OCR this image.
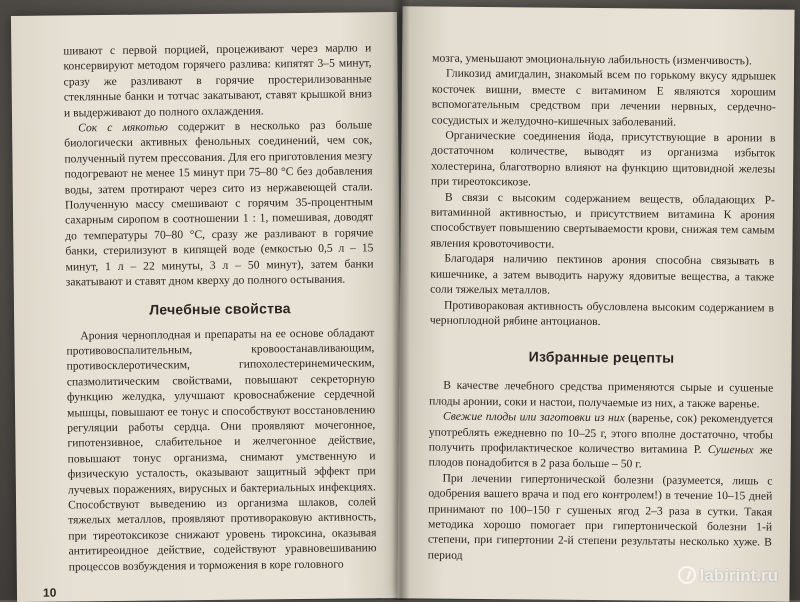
шивают с первой порцией, процеживают через марлю и консервируют методом горячего разлива: кипятят 3–5 минут, сразу же разливают в горячие простерилизованные стеклянные банки и тотчас закатывают, ставят крышкой вниз и выдерживают до полного охлаждения.

Сок с мякотью содержит в несколько раз больше биологически активных фенольных соединений, чем сок, полученный путем прессования. Для его приготовления мезгу подогревают не менее 15 минут при 75–80 °С без добавления воды, затем протирают через сито из нержавеющей стали. Полученную массу смешивают с горячим 35-процентным сахарным сиропом в соотношении 1 : 1, помешивая, доводят до температуры 70–80 °С, сразу же разливают в горячие банки, стерилизуют в кипящей воде (емкостью 0,5 л – 15 минут, 1 л – 22 минуты, 3 л – 50 минут), затем банки закатывают и ставят дном кверху до полного остывания.

Лечебные свойства

Арония черноплодная и препараты на ее основе обладают противовоспалительным, кровоостанавливающим, противосклеротическим, гипохолестеринемическим, спазмолитическим свойствами, повышают секреторную функцию желудка, улучшают кровоснабжение сердечной мышцы, повышают ее тонус и способствуют восстановлению регуляции работы сердца. Они проявляют мочегонное, гипотензивное, слабительное и желчегонное действие, повышают тонус организма, снимают умственную и физическую усталость, оказывают защитный эффект при лучевых поражениях, вирусных и бактериальных инфекциях. Способствуют выведению из организма шлаков, солей тяжелых металлов, проявляют противораковую активность, при тиреотоксикозе снижают уровень тироксина, оказывая антитиреоидное действие, содействуют уравновешиванию процессов возбуждения и торможения в коре головного

10

мозга, уменьшают эмоциональную лабильность (изменчивость).

Гликозид амигдалин, знакомый всем по горькому вкусу ядрышек косточек вишни, вместе с витамином Е являются хорошим вспомогательным средством при лечении нервных, сердечно-сосудистых и желудочно-кишечных заболеваний.

Органические соединения йода, присутствующие в аронии в достаточном количестве, выводят из организма избыток холестерина, благотворно влияют на функцию щитовидной железы при тиреотоксикозе.

В связи с высоким содержанием веществ, обладающих Р-витаминной активностью, и присутствием витамина К арония способствует повышению свертываемости крови, снижая тем самым явления кровоточивости.

Благодаря наличию пектинов арония способна связывать в кишечнике, а затем выводить наружу ядовитые вещества, а также соли тяжелых металлов.

Противораковая активность обусловлена высоким содержанием в черноплодной рябине антоцианов.

Избранные рецепты

В качестве лечебного средства применяются сырые и сушеные плоды аронии, соки и настои, получаемые из них, а также варенье.

Свежие плоды или заготовки из них (варенье, сок) рекомендуется употреблять ежедневно по 10–25 г, этого вполне достаточно, чтобы получить профилактическое количество витамина Р. Сушеных же плодов понадобится в 2 раза больше – 50 г.

При лечении гипертонической болезни (разумеется, лишь с одобрения вашего врача и под его контролем!) в течение 10–15 дней принимают по 100–150 г сушеных ягод 2–3 раза в сутки. Такая методика хорошо помогает при гипертонической болезни 1-й степени, при гипертонии 2-й степени результаты несколько хуже. В период

labirint.ru
